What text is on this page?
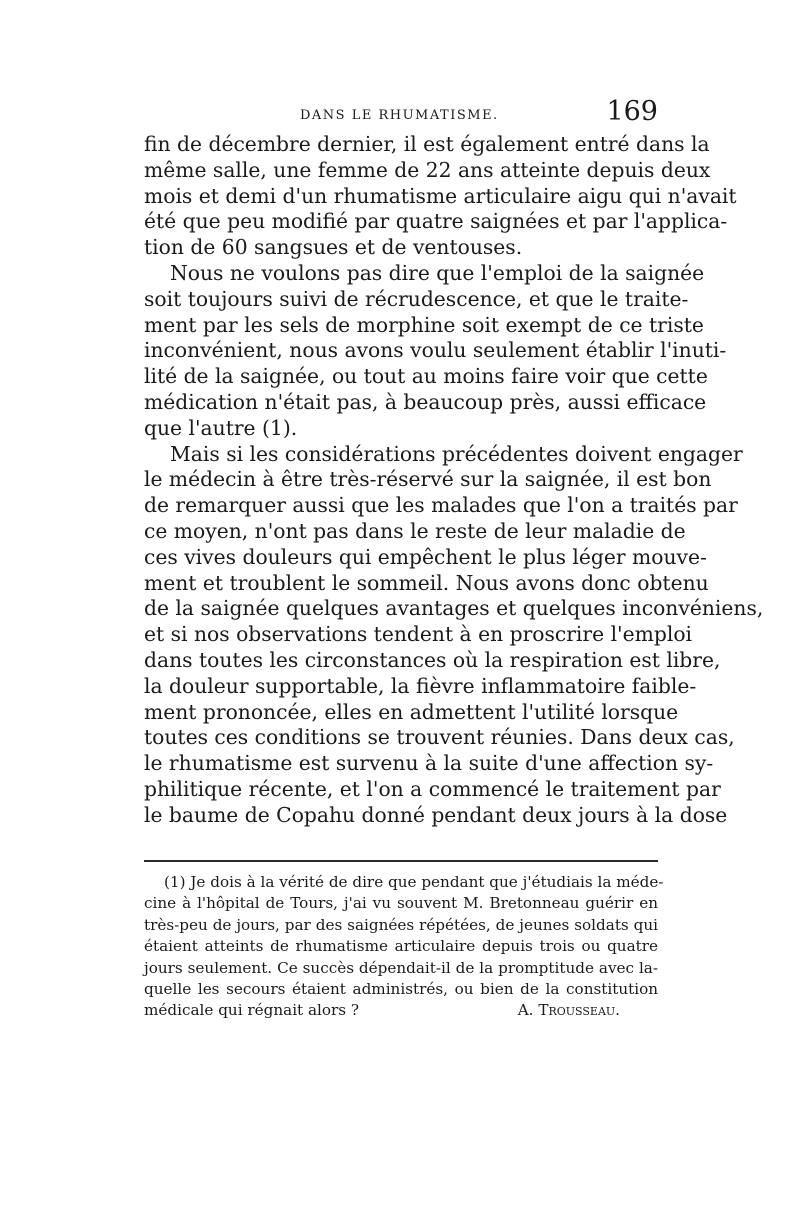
DANS LE RHUMATISME.	169
fin de décembre dernier, il est également entré dans la
même salle, une femme de 22 ans atteinte depuis deux
mois et demi d'un rhumatisme articulaire aigu qui n'avait
été que peu modifié par quatre saignées et par l'applica-
tion de 60 sangsues et de ventouses.
Nous ne voulons pas dire que l'emploi de la saignée
soit toujours suivi de récrudescence, et que le traite-
ment par les sels de morphine soit exempt de ce triste
inconvénient, nous avons voulu seulement établir l'inuti-
lité de la saignée, ou tout au moins faire voir que cette
médication n'était pas, à beaucoup près, aussi efficace
que l'autre (1).
Mais si les considérations précédentes doivent engager
le médecin à être très-réservé sur la saignée, il est bon
de remarquer aussi que les malades que l'on a traités par
ce moyen, n'ont pas dans le reste de leur maladie de
ces vives douleurs qui empêchent le plus léger mouve-
ment et troublent le sommeil. Nous avons donc obtenu
de la saignée quelques avantages et quelques inconvéniens,
et si nos observations tendent à en proscrire l'emploi
dans toutes les circonstances où la respiration est libre,
la douleur supportable, la fièvre inflammatoire faible-
ment prononcée, elles en admettent l'utilité lorsque
toutes ces conditions se trouvent réunies. Dans deux cas,
le rhumatisme est survenu à la suite d'une affection sy-
philitique récente, et l'on a commencé le traitement par
le baume de Copahu donné pendant deux jours à la dose
(1) Je dois à la vérité de dire que pendant que j'étudiais la méde-
cine à l'hôpital de Tours, j'ai vu souvent M. Bretonneau guérir en
très-peu de jours, par des saignées répétées, de jeunes soldats qui
étaient atteints de rhumatisme articulaire depuis trois ou quatre
jours seulement. Ce succès dépendait-il de la promptitude avec la-
quelle les secours étaient administrés, ou bien de la constitution
médicale qui régnait alors ?	A. Trousseau.
